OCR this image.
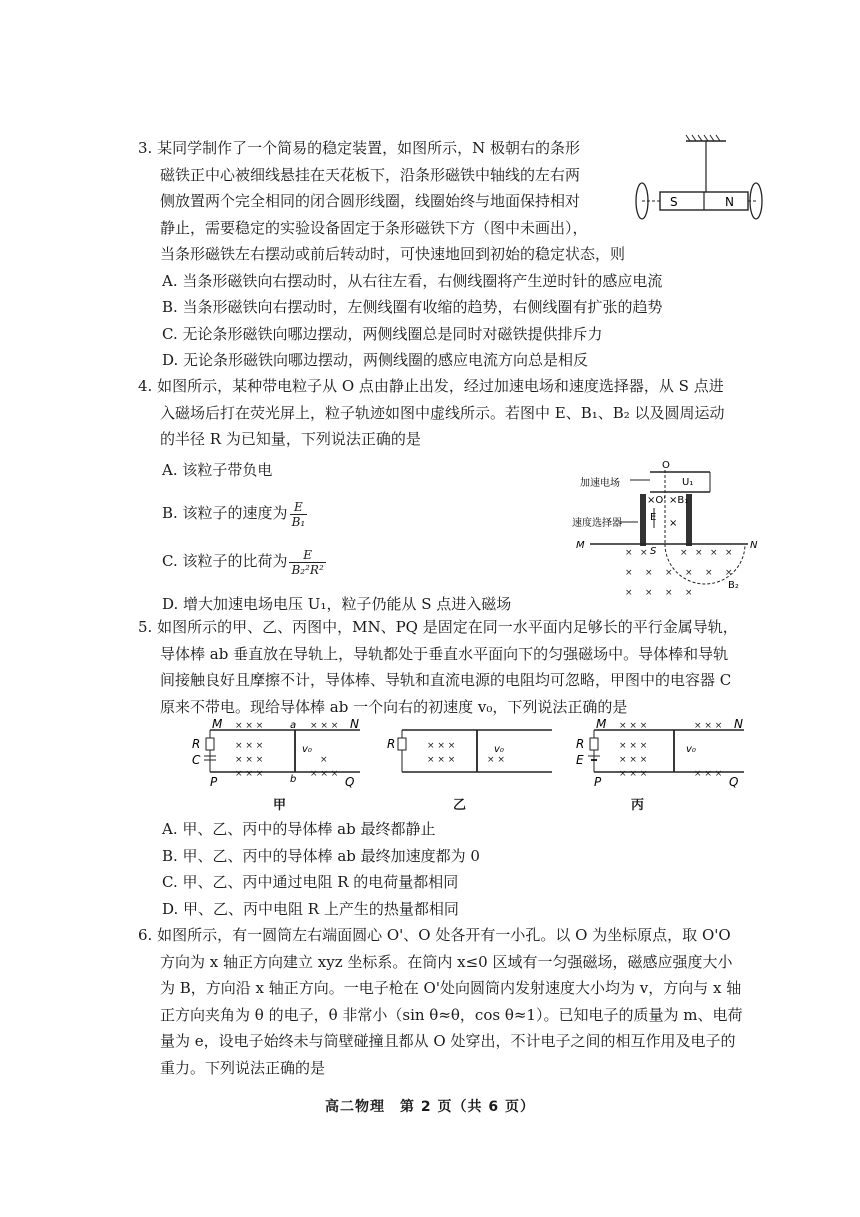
3. 某同学制作了一个简易的稳定装置，如图所示，N 极朝右的条形
磁铁正中心被细线悬挂在天花板下，沿条形磁铁中轴线的左右两
侧放置两个完全相同的闭合圆形线圈，线圈始终与地面保持相对
静止，需要稳定的实验设备固定于条形磁铁下方（图中未画出），
当条形磁铁左右摆动或前后转动时，可快速地回到初始的稳定状态，则
A. 当条形磁铁向右摆动时，从右往左看，右侧线圈将产生逆时针的感应电流
B. 当条形磁铁向右摆动时，左侧线圈有收缩的趋势，右侧线圈有扩张的趋势
C. 无论条形磁铁向哪边摆动，两侧线圈总是同时对磁铁提供排斥力
D. 无论条形磁铁向哪边摆动，两侧线圈的感应电流方向总是相反
S	N
4. 如图所示，某种带电粒子从 O 点由静止出发，经过加速电场和速度选择器，从 S 点进
入磁场后打在荧光屏上，粒子轨迹如图中虚线所示。若图中 E、B₁、B₂ 以及圆周运动
的半径 R 为已知量，下列说法正确的是
A. 该粒子带负电
B. 该粒子的速度为 $\frac{E}{\text{B₁}}$
C. 该粒子的比荷为 $\frac{E}{\text{B₂²R²}}$
D. 增大加速电场电压 U₁，粒子仍能从 S 点进入磁场
O
加速电场	U₁
×O' ×B₁
E
×
速度选择器
M	N
S
× ×	× × × ×
× × × × × ×
× × × ×
B₂
5. 如图所示的甲、乙、丙图中，MN、PQ 是固定在同一水平面内足够长的平行金属导轨，
导体棒 ab 垂直放在导轨上，导轨都处于垂直水平面向下的匀强磁场中。导体棒和导轨
间接触良好且摩擦不计，导体棒、导轨和直流电源的电阻均可忽略，甲图中的电容器 C
原来不带电。现给导体棒 ab 一个向右的初速度 v₀，下列说法正确的是
M	N
P	Q
R
C
a
b
v₀
× × ×	× × ×
× × ×
× × ×	×
× × ×	× × ×
R	v₀
× × ×
× × ×	× ×
M	N
P	Q
R
E
v₀
× × ×	× × ×
× × ×
× × ×
× × ×	× × ×
甲	乙	丙
A. 甲、乙、丙中的导体棒 ab 最终都静止
B. 甲、乙、丙中的导体棒 ab 最终加速度都为 0
C. 甲、乙、丙中通过电阻 R 的电荷量都相同
D. 甲、乙、丙中电阻 R 上产生的热量都相同
6. 如图所示，有一圆筒左右端面圆心 O'、O 处各开有一小孔。以 O 为坐标原点，取 O'O
方向为 x 轴正方向建立 xyz 坐标系。在筒内 x≤0 区域有一匀强磁场，磁感应强度大小
为 B，方向沿 x 轴正方向。一电子枪在 O'处向圆筒内发射速度大小均为 v，方向与 x 轴
正方向夹角为 θ 的电子，θ 非常小（sin θ≈θ，cos θ≈1）。已知电子的质量为 m、电荷
量为 e，设电子始终未与筒壁碰撞且都从 O 处穿出，不计电子之间的相互作用及电子的
重力。下列说法正确的是
高二物理　第 2 页（共 6 页）
